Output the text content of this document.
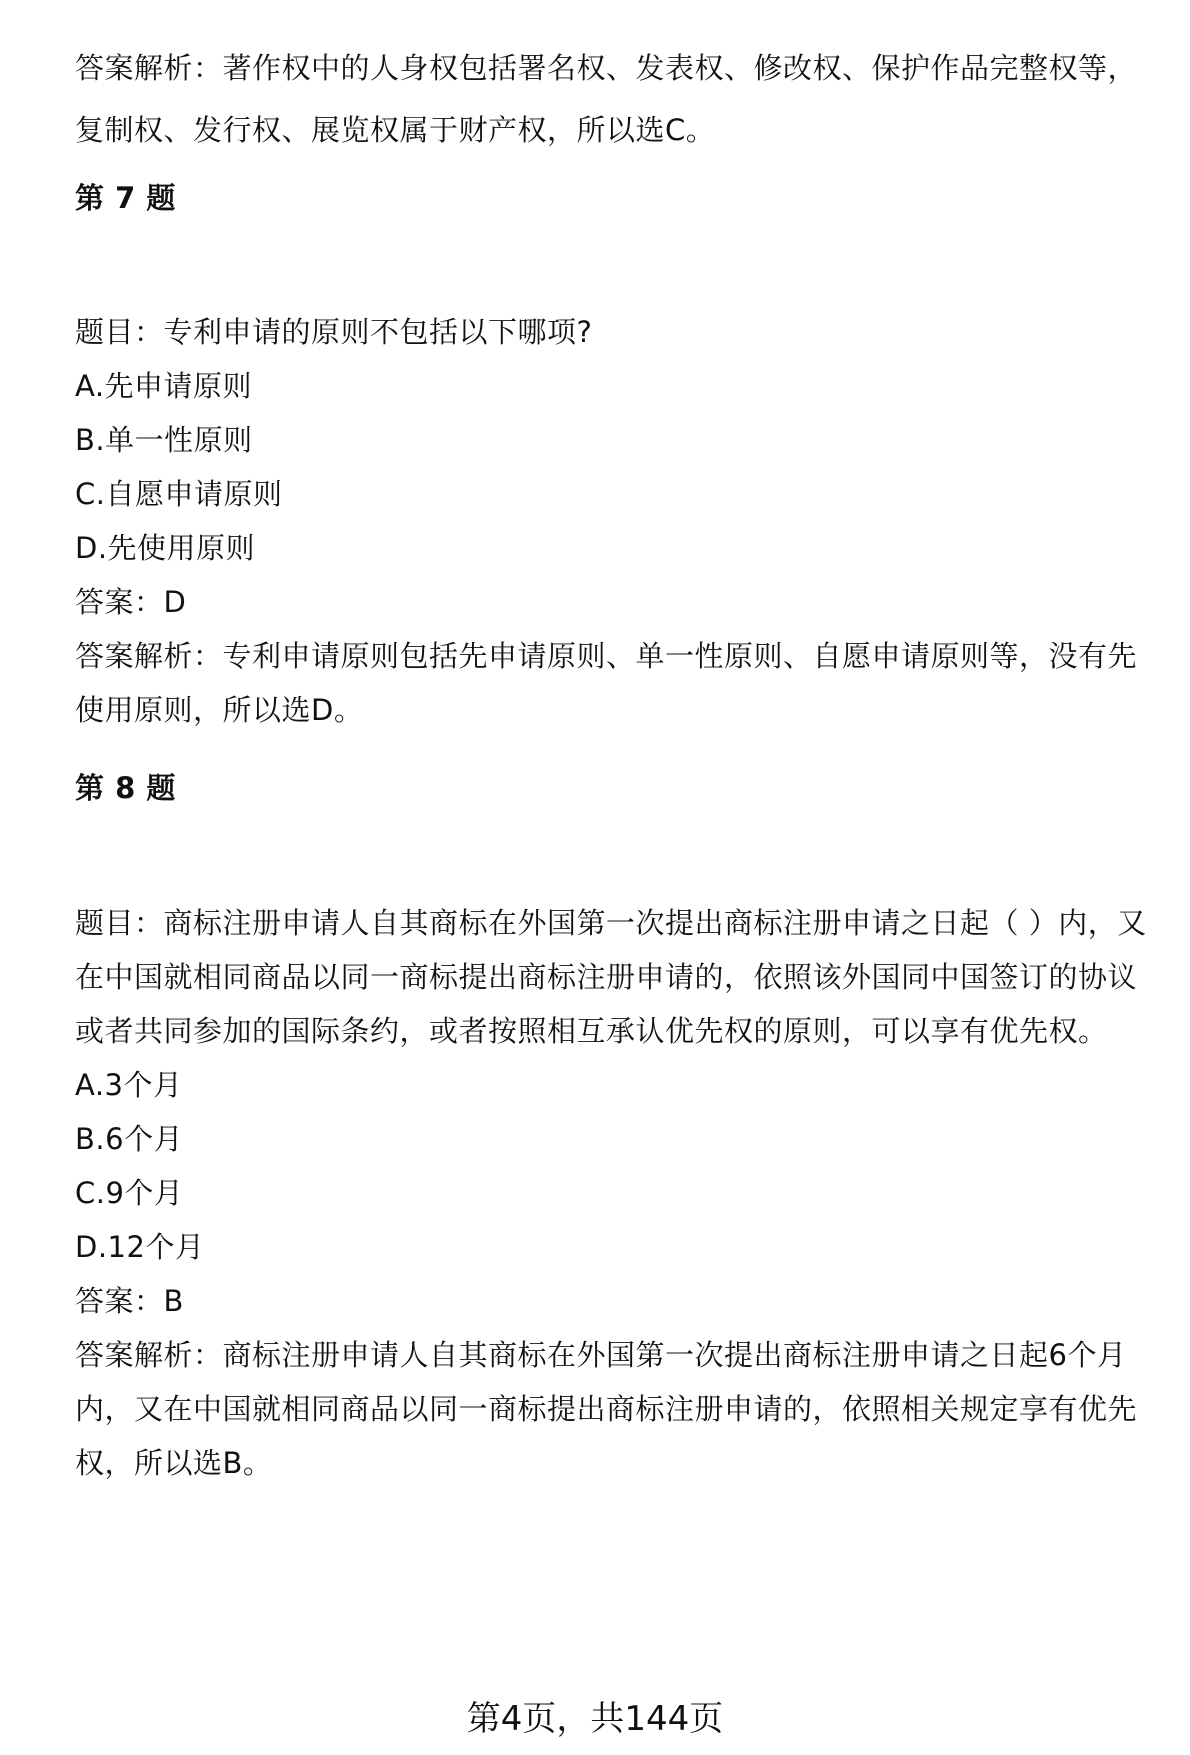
答案解析：著作权中的人身权包括署名权、发表权、修改权、保护作品完整权等，
复制权、发行权、展览权属于财产权，所以选C。
第 7 题
题目：专利申请的原则不包括以下哪项?
A.先申请原则
B.单一性原则
C.自愿申请原则
D.先使用原则
答案：D
答案解析：专利申请原则包括先申请原则、单一性原则、自愿申请原则等，没有先
使用原则，所以选D。
第 8 题
题目：商标注册申请人自其商标在外国第一次提出商标注册申请之日起（ ）内，又
在中国就相同商品以同一商标提出商标注册申请的，依照该外国同中国签订的协议
或者共同参加的国际条约，或者按照相互承认优先权的原则，可以享有优先权。
A.3个月
B.6个月
C.9个月
D.12个月
答案：B
答案解析：商标注册申请人自其商标在外国第一次提出商标注册申请之日起6个月
内，又在中国就相同商品以同一商标提出商标注册申请的，依照相关规定享有优先
权，所以选B。
第4页，共144页
